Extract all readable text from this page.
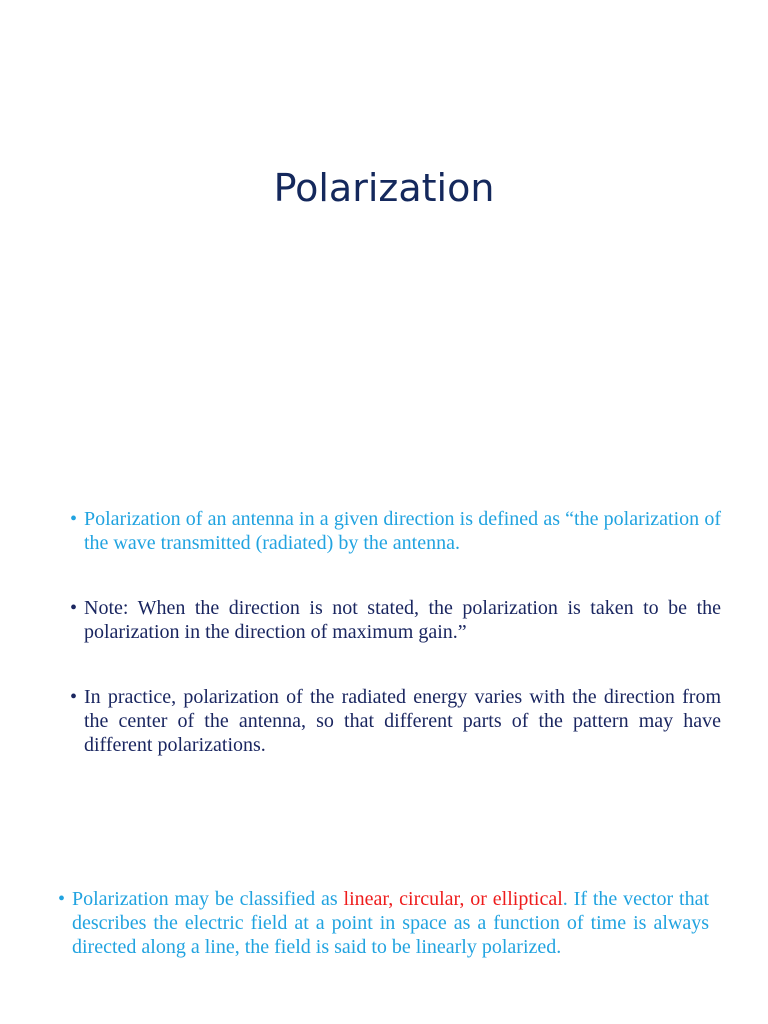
Polarization

• Polarization of an antenna in a given direction is defined as “the polarization of the wave transmitted (radiated) by the antenna.

• Note: When the direction is not stated, the polarization is taken to be the polarization in the direction of maximum gain.”

• In practice, polarization of the radiated energy varies with the direction from the center of the antenna, so that different parts of the pattern may have different polarizations.

• Polarization may be classified as linear, circular, or elliptical. If the vector that describes the electric field at a point in space as a function of time is always directed along a line, the field is said to be linearly polarized.
